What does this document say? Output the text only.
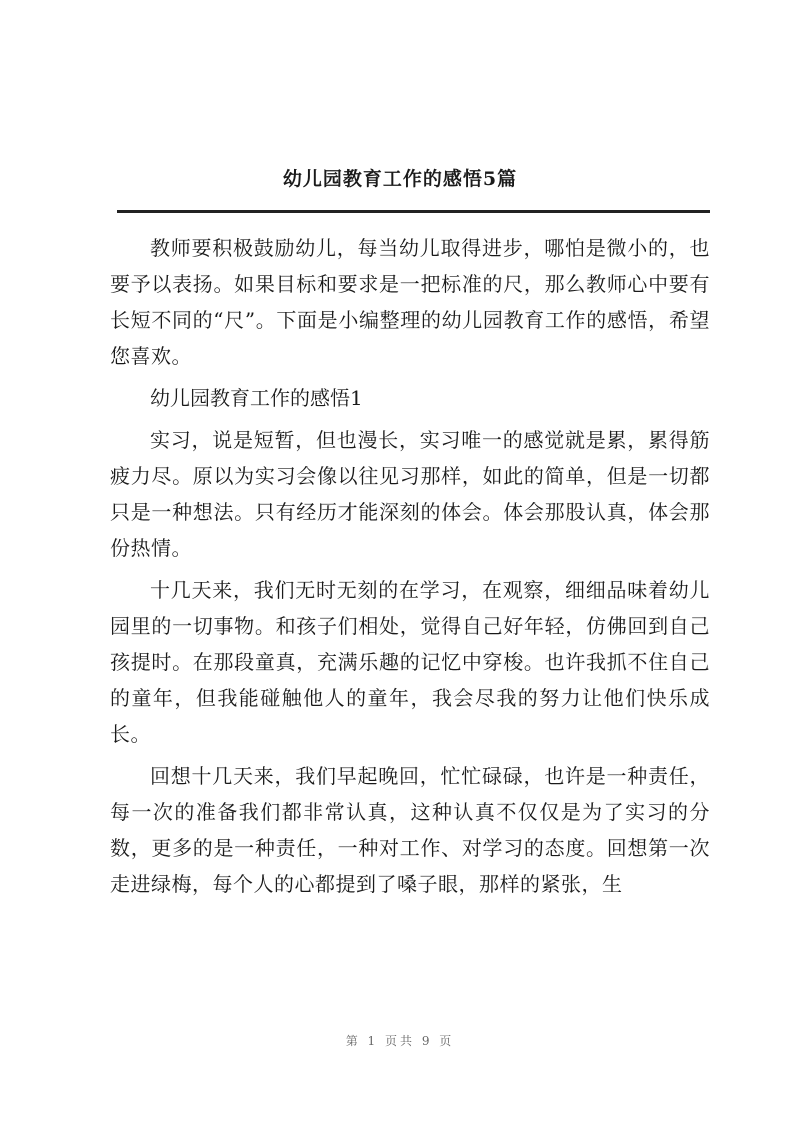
幼儿园教育工作的感悟5篇

教师要积极鼓励幼儿，每当幼儿取得进步，哪怕是微小的，也要予以表扬。如果目标和要求是一把标准的尺，那么教师心中要有长短不同的“尺”。下面是小编整理的幼儿园教育工作的感悟，希望您喜欢。

幼儿园教育工作的感悟1

实习，说是短暂，但也漫长，实习唯一的感觉就是累，累得筋疲力尽。原以为实习会像以往见习那样，如此的简单，但是一切都只是一种想法。只有经历才能深刻的体会。体会那股认真，体会那份热情。

十几天来，我们无时无刻的在学习，在观察，细细品味着幼儿园里的一切事物。和孩子们相处，觉得自己好年轻，仿佛回到自己孩提时。在那段童真，充满乐趣的记忆中穿梭。也许我抓不住自己的童年，但我能碰触他人的童年，我会尽我的努力让他们快乐成长。

回想十几天来，我们早起晚回，忙忙碌碌，也许是一种责任，每一次的准备我们都非常认真，这种认真不仅仅是为了实习的分数，更多的是一种责任，一种对工作、对学习的态度。回想第一次走进绿梅，每个人的心都提到了嗓子眼，那样的紧张，生

第 1 页共 9 页
